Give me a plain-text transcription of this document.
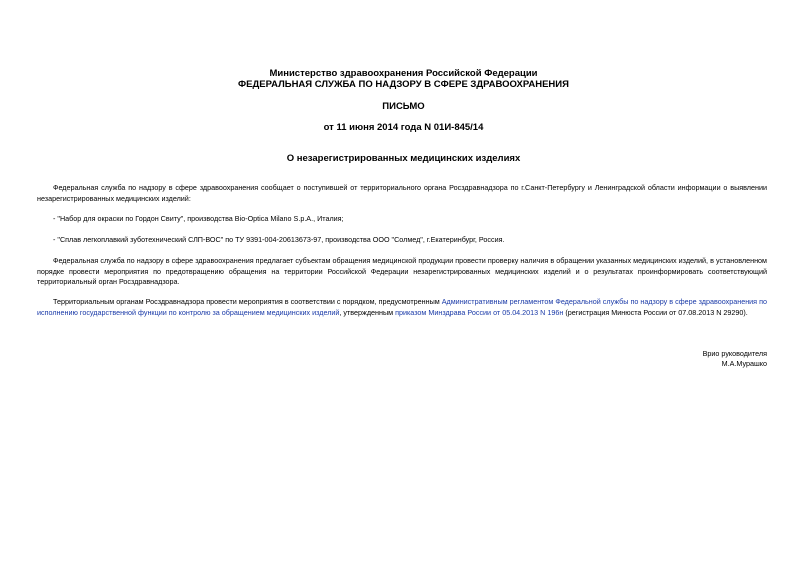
Министерство здравоохранения Российской Федерации
ФЕДЕРАЛЬНАЯ СЛУЖБА ПО НАДЗОРУ В СФЕРЕ ЗДРАВООХРАНЕНИЯ
ПИСЬМО
от 11 июня 2014 года N 01И-845/14
О незарегистрированных медицинских изделиях
Федеральная служба по надзору в сфере здравоохранения сообщает о поступившей от территориального органа Росздравнадзора по г.Санкт-Петербургу и Ленинградской области информации о выявлении незарегистрированных медицинских изделий:
- "Набор для окраски по Гордон Свиту", производства Bio-Optica Milano S.p.A., Италия;
- "Сплав легкоплавкий зуботехнический СЛП-ВОС" по ТУ 9391-004-20613673-97, производства ООО "Солмед", г.Екатеринбург, Россия.
Федеральная служба по надзору в сфере здравоохранения предлагает субъектам обращения медицинской продукции провести проверку наличия в обращении указанных медицинских изделий, в установленном порядке провести мероприятия по предотвращению обращения на территории Российской Федерации незарегистрированных медицинских изделий и о результатах проинформировать соответствующий территориальный орган Росздравнадзора.
Территориальным органам Росздравнадзора провести мероприятия в соответствии с порядком, предусмотренным Административным регламентом Федеральной службы по надзору в сфере здравоохранения по исполнению государственной функции по контролю за обращением медицинских изделий, утвержденным приказом Минздрава России от 05.04.2013 N 196н (регистрация Минюста России от 07.08.2013 N 29290).
Врио руководителя
М.А.Мурашко
